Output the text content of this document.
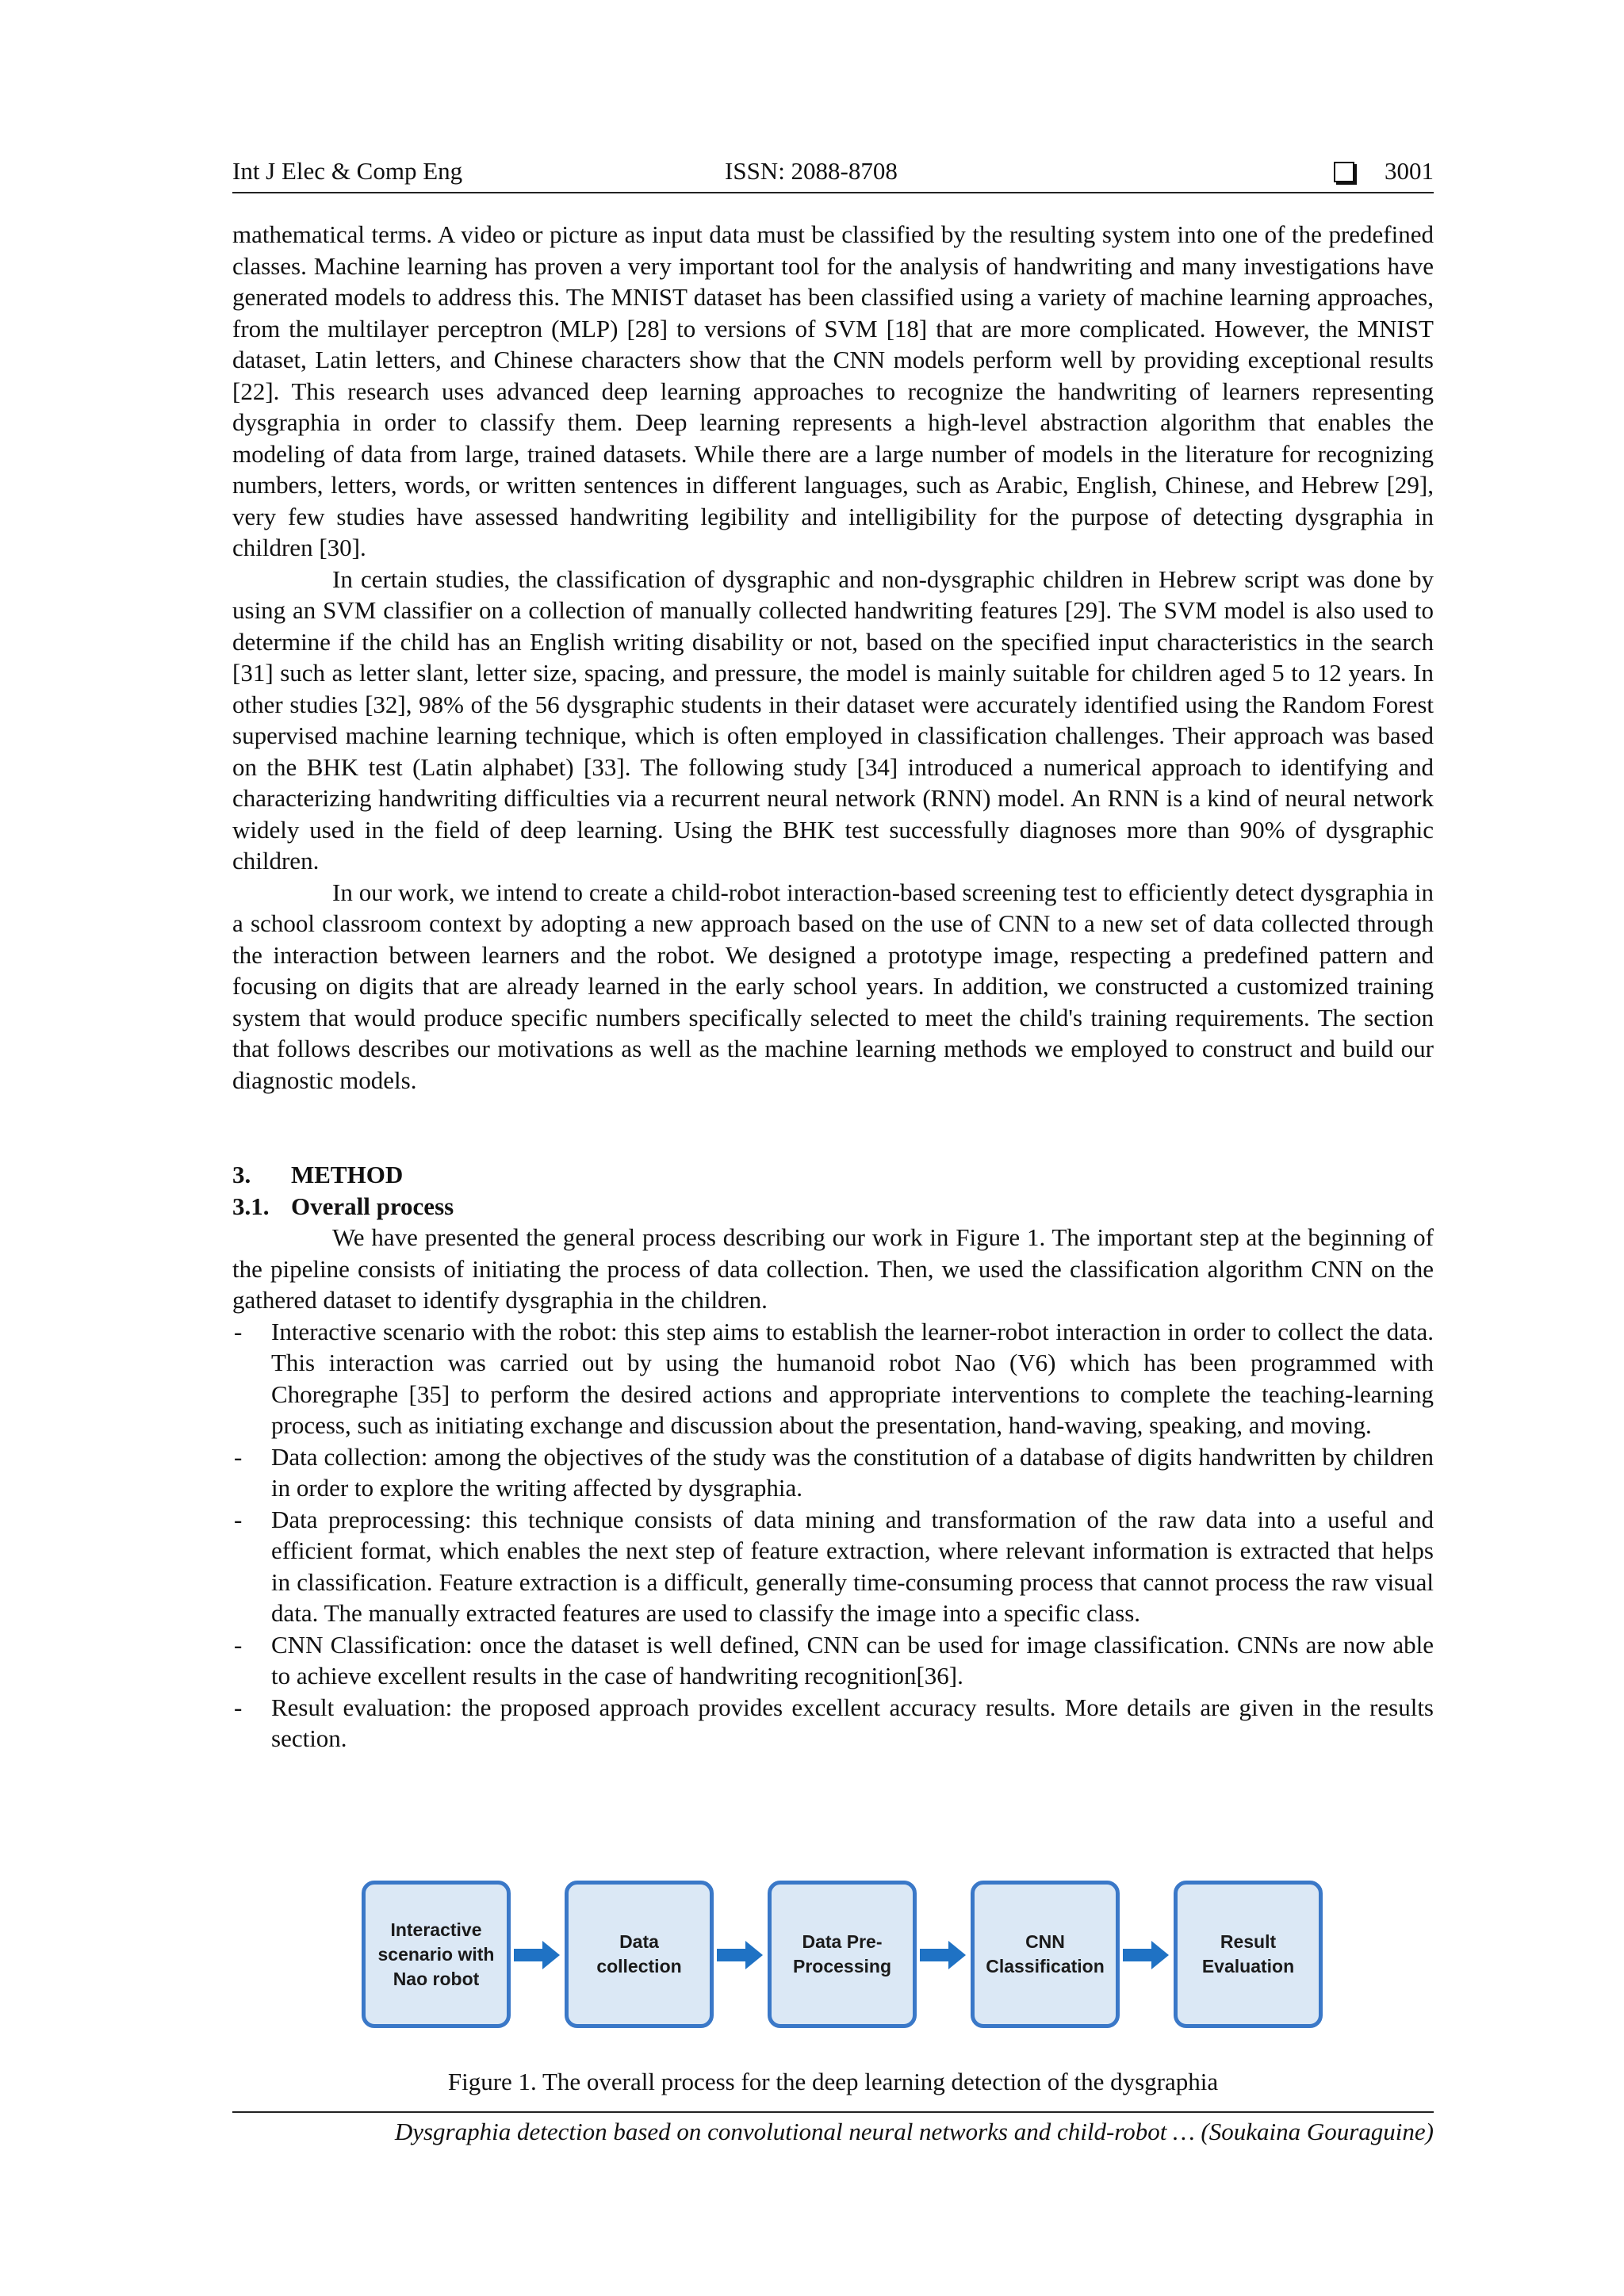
Int J Elec & Comp Eng	ISSN: 2088-8708	3001

mathematical terms. A video or picture as input data must be classified by the resulting system into one of the predefined classes. Machine learning has proven a very important tool for the analysis of handwriting and many investigations have generated models to address this. The MNIST dataset has been classified using a variety of machine learning approaches, from the multilayer perceptron (MLP) [28] to versions of SVM [18] that are more complicated. However, the MNIST dataset, Latin letters, and Chinese characters show that the CNN models perform well by providing exceptional results [22]. This research uses advanced deep learning approaches to recognize the handwriting of learners representing dysgraphia in order to classify them. Deep learning represents a high-level abstraction algorithm that enables the modeling of data from large, trained datasets. While there are a large number of models in the literature for recognizing numbers, letters, words, or written sentences in different languages, such as Arabic, English, Chinese, and Hebrew [29], very few studies have assessed handwriting legibility and intelligibility for the purpose of detecting dysgraphia in children [30].

In certain studies, the classification of dysgraphic and non-dysgraphic children in Hebrew script was done by using an SVM classifier on a collection of manually collected handwriting features [29]. The SVM model is also used to determine if the child has an English writing disability or not, based on the specified input characteristics in the search [31] such as letter slant, letter size, spacing, and pressure, the model is mainly suitable for children aged 5 to 12 years. In other studies [32], 98% of the 56 dysgraphic students in their dataset were accurately identified using the Random Forest supervised machine learning technique, which is often employed in classification challenges. Their approach was based on the BHK test (Latin alphabet) [33]. The following study [34] introduced a numerical approach to identifying and characterizing handwriting difficulties via a recurrent neural network (RNN) model. An RNN is a kind of neural network widely used in the field of deep learning. Using the BHK test successfully diagnoses more than 90% of dysgraphic children.

In our work, we intend to create a child-robot interaction-based screening test to efficiently detect dysgraphia in a school classroom context by adopting a new approach based on the use of CNN to a new set of data collected through the interaction between learners and the robot. We designed a prototype image, respecting a predefined pattern and focusing on digits that are already learned in the early school years. In addition, we constructed a customized training system that would produce specific numbers specifically selected to meet the child's training requirements. The section that follows describes our motivations as well as the machine learning methods we employed to construct and build our diagnostic models.

3.	METHOD
3.1. Overall process

We have presented the general process describing our work in Figure 1. The important step at the beginning of the pipeline consists of initiating the process of data collection. Then, we used the classification algorithm CNN on the gathered dataset to identify dysgraphia in the children.

- Interactive scenario with the robot: this step aims to establish the learner-robot interaction in order to collect the data. This interaction was carried out by using the humanoid robot Nao (V6) which has been programmed with Choregraphe [35] to perform the desired actions and appropriate interventions to complete the teaching-learning process, such as initiating exchange and discussion about the presentation, hand-waving, speaking, and moving.
- Data collection: among the objectives of the study was the constitution of a database of digits handwritten by children in order to explore the writing affected by dysgraphia.
- Data preprocessing: this technique consists of data mining and transformation of the raw data into a useful and efficient format, which enables the next step of feature extraction, where relevant information is extracted that helps in classification. Feature extraction is a difficult, generally time-consuming process that cannot process the raw visual data. The manually extracted features are used to classify the image into a specific class.
- CNN Classification: once the dataset is well defined, CNN can be used for image classification. CNNs are now able to achieve excellent results in the case of handwriting recognition[36].
- Result evaluation: the proposed approach provides excellent accuracy results. More details are given in the results section.
Interactive
scenario with
Nao robot
Data
collection
Data Pre-
Processing
CNN
Classification
Result
Evaluation
Figure 1. The overall process for the deep learning detection of the dysgraphia
Dysgraphia detection based on convolutional neural networks and child-robot … (Soukaina Gouraguine)
